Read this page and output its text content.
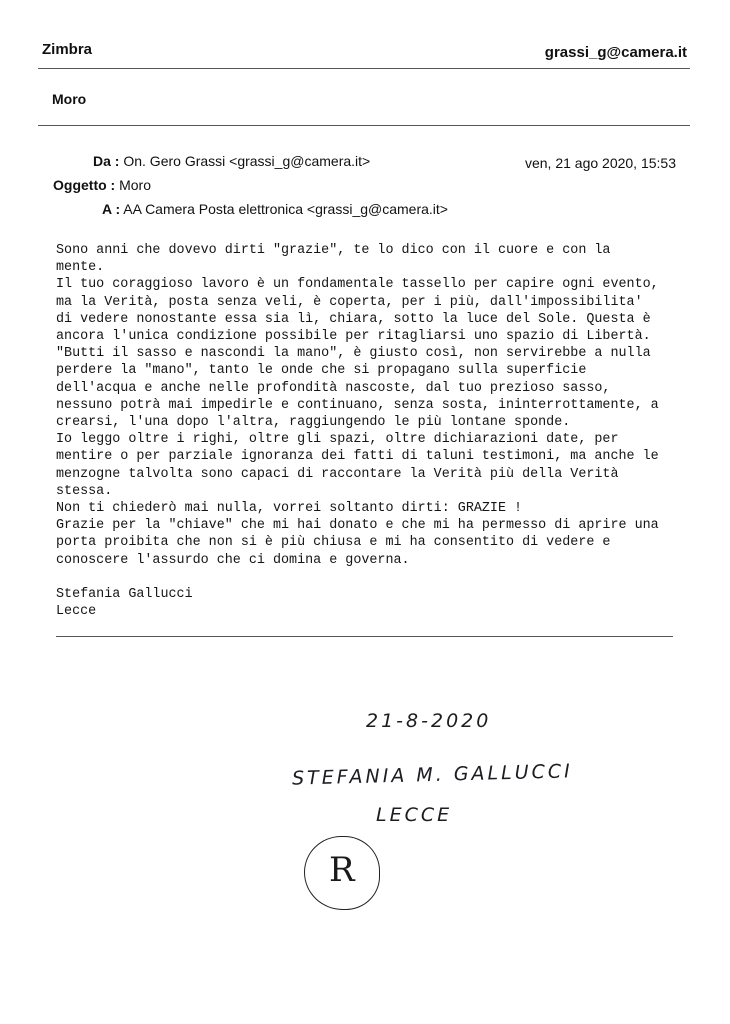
Zimbra	grassi_g@camera.it
Moro
Da : On. Gero Grassi <grassi_g@camera.it>	ven, 21 ago 2020, 15:53
Oggetto : Moro
A : AA Camera Posta elettronica <grassi_g@camera.it>
Sono anni che dovevo dirti "grazie", te lo dico con il cuore e con la
mente.
Il tuo coraggioso lavoro è un fondamentale tassello per capire ogni evento,
ma la Verità, posta senza veli, è coperta, per i più, dall'impossibilita'
di vedere nonostante essa sia lì, chiara, sotto la luce del Sole. Questa è
ancora l'unica condizione possibile per ritagliarsi uno spazio di Libertà.
"Butti il sasso e nascondi la mano", è giusto così, non servirebbe a nulla
perdere la "mano", tanto le onde che si propagano sulla superficie
dell'acqua e anche nelle profondità nascoste, dal tuo prezioso sasso,
nessuno potrà mai impedirle e continuano, senza sosta, ininterrottamente, a
crearsi, l'una dopo l'altra, raggiungendo le più lontane sponde.
Io leggo oltre i righi, oltre gli spazi, oltre dichiarazioni date, per
mentire o per parziale ignoranza dei fatti di taluni testimoni, ma anche le
menzogne talvolta sono capaci di raccontare la Verità più della Verità
stessa.
Non ti chiederò mai nulla, vorrei soltanto dirti: GRAZIE !
Grazie per la "chiave" che mi hai donato e che mi ha permesso di aprire una
porta proibita che non si è più chiusa e mi ha consentito di vedere e
conoscere l'assurdo che ci domina e governa.

Stefania Gallucci
Lecce
21-8-2020
STEFANIA M. GALLUCCI
LECCE
R
